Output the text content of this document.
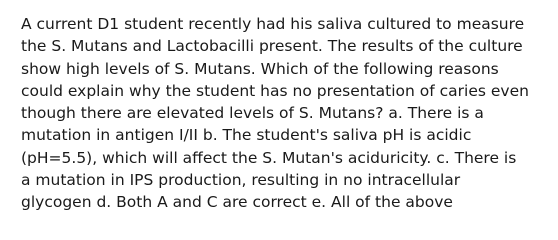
A current D1 student recently had his saliva cultured to measure
the S. Mutans and Lactobacilli present. The results of the culture
show high levels of S. Mutans. Which of the following reasons
could explain why the student has no presentation of caries even
though there are elevated levels of S. Mutans? a. There is a
mutation in antigen I/II b. The student's saliva pH is acidic
(pH=5.5), which will affect the S. Mutan's aciduricity. c. There is
a mutation in IPS production, resulting in no intracellular
glycogen d. Both A and C are correct e. All of the above
